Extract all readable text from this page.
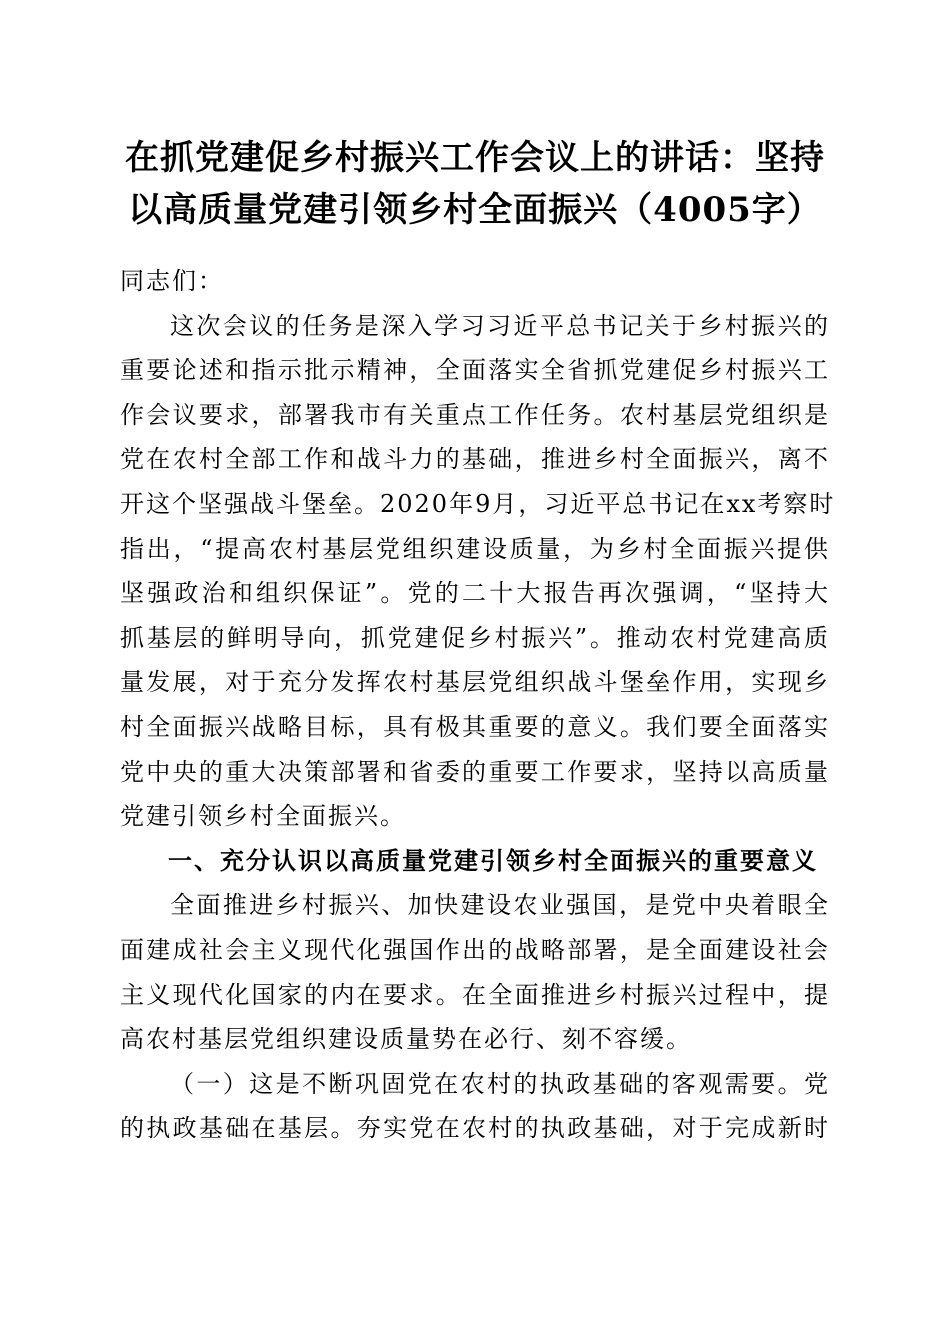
在抓党建促乡村振兴工作会议上的讲话：坚持
以高质量党建引领乡村全面振兴（4005字）
同志们：
这次会议的任务是深入学习习近平总书记关于乡村振兴的
重要论述和指示批示精神，全面落实全省抓党建促乡村振兴工
作会议要求，部署我市有关重点工作任务。农村基层党组织是
党在农村全部工作和战斗力的基础，推进乡村全面振兴，离不
开这个坚强战斗堡垒。2020年9月，习近平总书记在xx考察时
指出，“提高农村基层党组织建设质量，为乡村全面振兴提供
坚强政治和组织保证”。党的二十大报告再次强调，“坚持大
抓基层的鲜明导向，抓党建促乡村振兴”。推动农村党建高质
量发展，对于充分发挥农村基层党组织战斗堡垒作用，实现乡
村全面振兴战略目标，具有极其重要的意义。我们要全面落实
党中央的重大决策部署和省委的重要工作要求，坚持以高质量
党建引领乡村全面振兴。
一、充分认识以高质量党建引领乡村全面振兴的重要意义
全面推进乡村振兴、加快建设农业强国，是党中央着眼全
面建成社会主义现代化强国作出的战略部署，是全面建设社会
主义现代化国家的内在要求。在全面推进乡村振兴过程中，提
高农村基层党组织建设质量势在必行、刻不容缓。
（一）这是不断巩固党在农村的执政基础的客观需要。党
的执政基础在基层。夯实党在农村的执政基础，对于完成新时
